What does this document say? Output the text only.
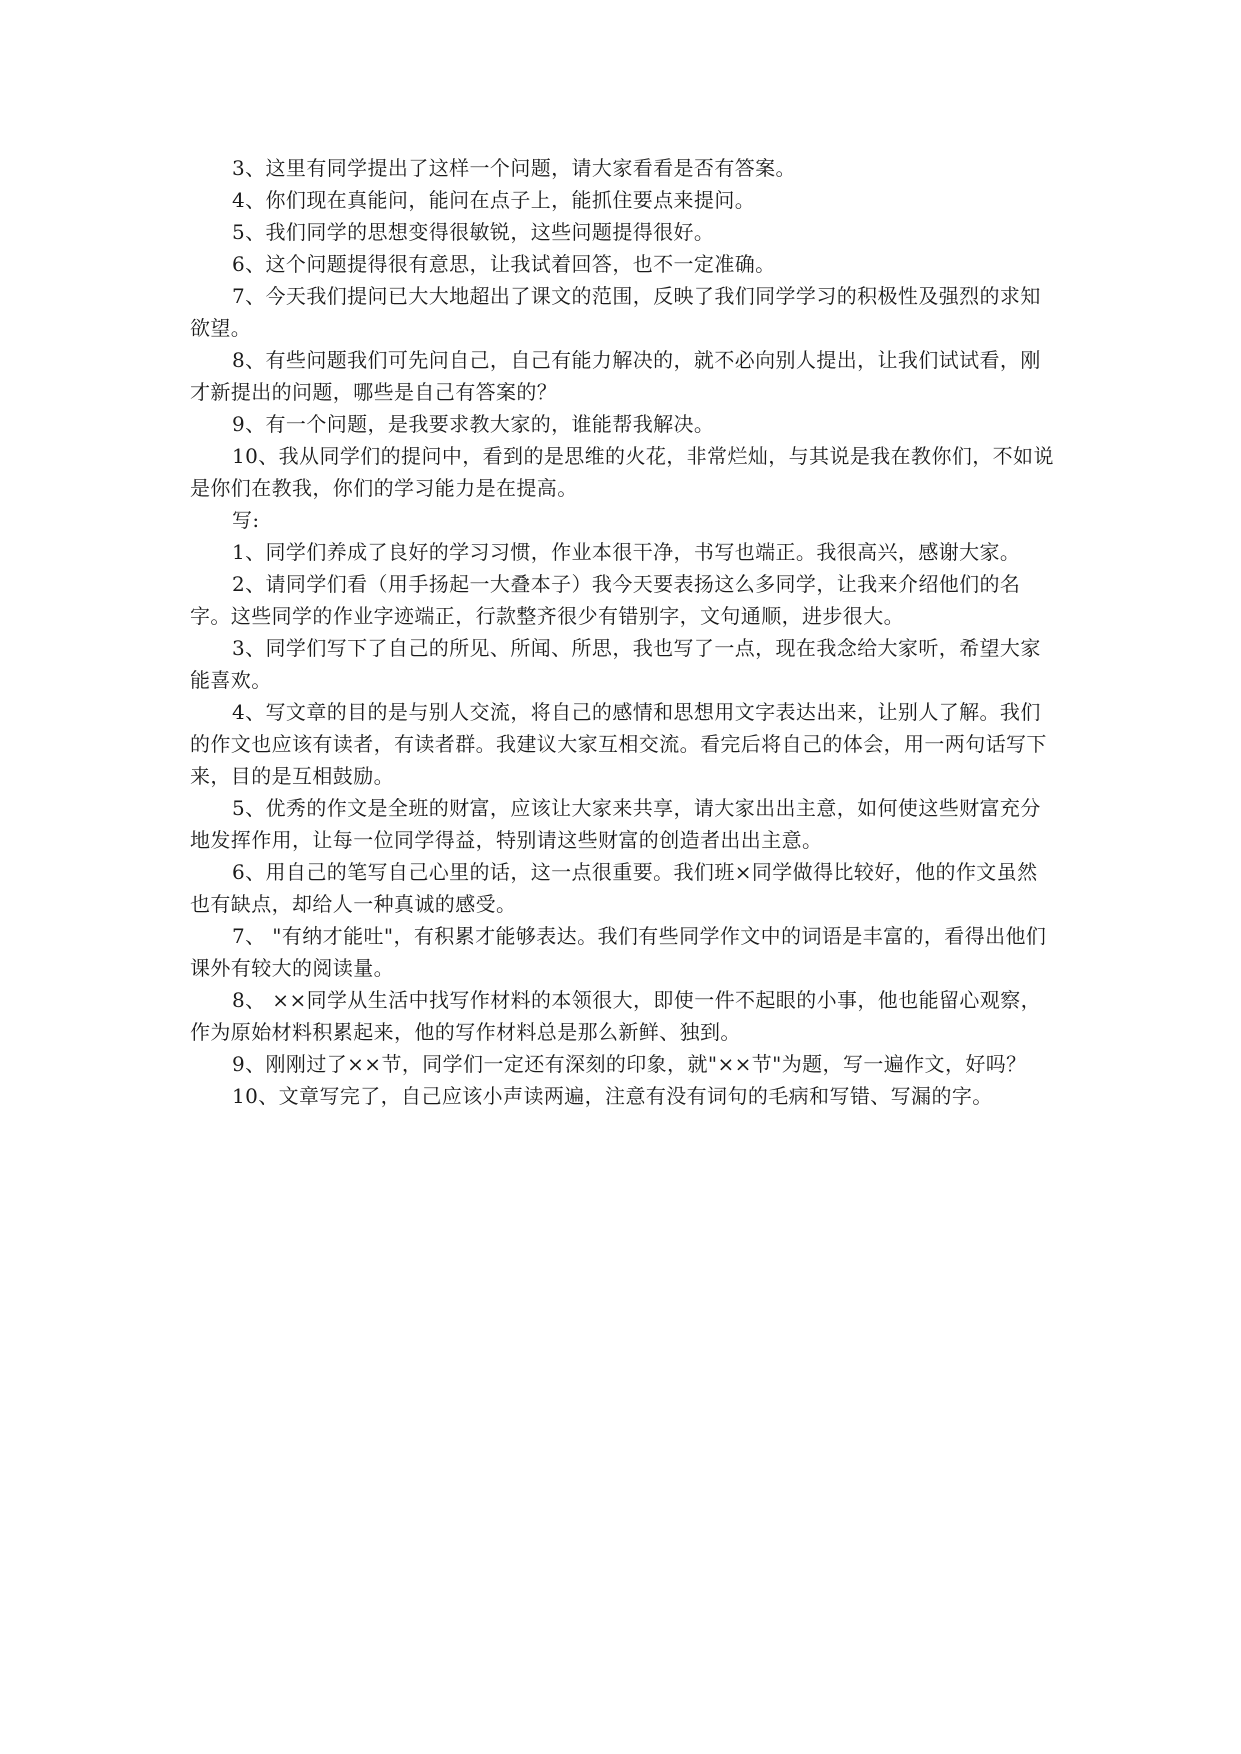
3、这里有同学提出了这样一个问题，请大家看看是否有答案。

4、你们现在真能问，能问在点子上，能抓住要点来提问。

5、我们同学的思想变得很敏锐，这些问题提得很好。

6、这个问题提得很有意思，让我试着回答，也不一定准确。

7、今天我们提问已大大地超出了课文的范围，反映了我们同学学习的积极性及强烈的求知欲望。

8、有些问题我们可先问自己，自己有能力解决的，就不必向别人提出，让我们试试看，刚才新提出的问题，哪些是自己有答案的？

9、有一个问题，是我要求教大家的，谁能帮我解决。

10、我从同学们的提问中，看到的是思维的火花，非常烂灿，与其说是我在教你们，不如说是你们在教我，你们的学习能力是在提高。

写:

1、同学们养成了良好的学习习惯，作业本很干净，书写也端正。我很高兴，感谢大家。

2、请同学们看（用手扬起一大叠本子）我今天要表扬这么多同学，让我来介绍他们的名字。这些同学的作业字迹端正，行款整齐很少有错别字，文句通顺，进步很大。

3、同学们写下了自己的所见、所闻、所思，我也写了一点，现在我念给大家听，希望大家能喜欢。

4、写文章的目的是与别人交流，将自己的感情和思想用文字表达出来，让别人了解。我们的作文也应该有读者，有读者群。我建议大家互相交流。看完后将自己的体会，用一两句话写下来，目的是互相鼓励。

5、优秀的作文是全班的财富，应该让大家来共享，请大家出出主意，如何使这些财富充分地发挥作用，让每一位同学得益，特别请这些财富的创造者出出主意。

6、用自己的笔写自己心里的话，这一点很重要。我们班×同学做得比较好，他的作文虽然也有缺点，却给人一种真诚的感受。

7、 "有纳才能吐"，有积累才能够表达。我们有些同学作文中的词语是丰富的，看得出他们课外有较大的阅读量。

8、 ××同学从生活中找写作材料的本领很大，即使一件不起眼的小事，他也能留心观察，作为原始材料积累起来，他的写作材料总是那么新鲜、独到。

9、刚刚过了××节，同学们一定还有深刻的印象，就"××节"为题，写一遍作文，好吗？

10、文章写完了，自己应该小声读两遍，注意有没有词句的毛病和写错、写漏的字。
